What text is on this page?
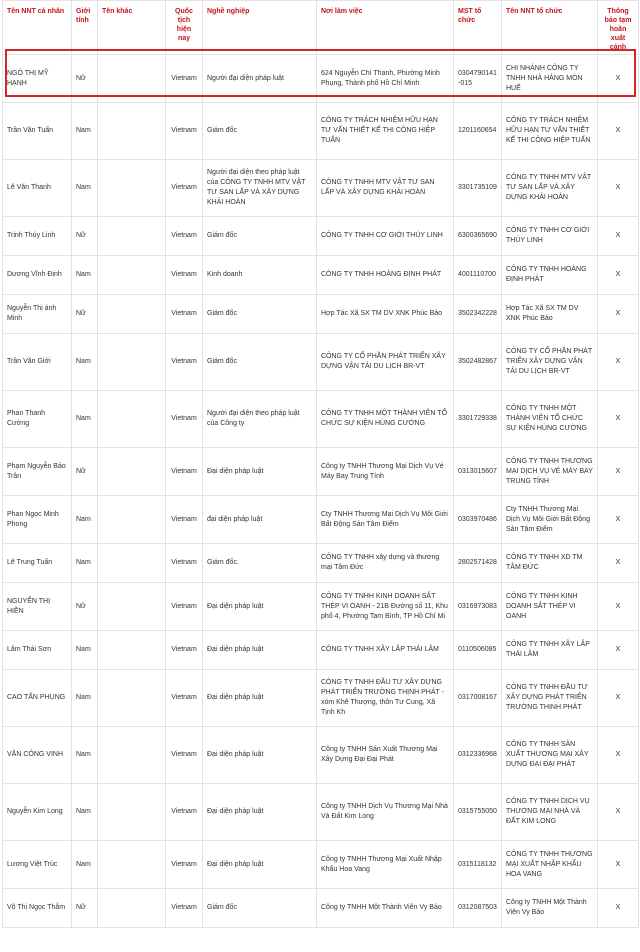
Tên NNT cá nhân	Giới tính	Tên khác	Quốc tịch hiện nay	Nghề nghiệp	Nơi làm việc	MST tổ chức	Tên NNT tổ chức	Thông báo tạm hoãn xuất cảnh
NGÔ THỊ MỸ HẠNH	Nữ		Vietnam	Người đại diện pháp luật	624 Nguyễn Chí Thanh, Phường Minh Phụng, Thành phố Hồ Chí Minh	0304790141-015	CHI NHÁNH CÔNG TY TNHH NHÀ HÀNG MÓN HUẾ	X
Trần Văn Tuấn	Nam		Vietnam	Giám đốc	CÔNG TY TRÁCH NHIỆM HỮU HẠN TƯ VẤN THIẾT KẾ THI CÔNG HIỆP TUẤN	1201160654	CÔNG TY TRÁCH NHIỆM HỮU HẠN TƯ VẤN THIẾT KẾ THI CÔNG HIỆP TUẤN	X
Lê Văn Thanh	Nam		Vietnam	Người đại diện theo pháp luật của CÔNG TY TNHH MTV VẬT TƯ SAN LẤP VÀ XÂY DỰNG KHẢI HOÀN	CÔNG TY TNHH MTV VẬT TƯ SAN LẤP VÀ XÂY DỰNG KHẢI HOÀN	3301735109	CÔNG TY TNHH MTV VẬT TƯ SAN LẤP VÀ XÂY DỰNG KHẢI HOÀN	X
Trịnh Thúy Linh	Nữ		Vietnam	Giám đốc	CÔNG TY TNHH CƠ GIỚI THÚY LINH	6300365690	CÔNG TY TNHH CƠ GIỚI THÚY LINH	X
Dương Vĩnh Định	Nam		Vietnam	Kinh doanh	CÔNG TY TNHH HOÀNG ĐỊNH PHÁT	4001110700	CÔNG TY TNHH HOÀNG ĐỊNH PHÁT	X
Nguyễn Thị ánh Minh	Nữ		Vietnam	Giám đốc	Hợp Tác Xã SX TM DV XNK Phúc Bảo	3502342228	Hợp Tác Xã SX TM DV XNK Phúc Bảo	X
Trần Văn Giới	Nam		Vietnam	Giám đốc	CÔNG TY CỔ PHẦN PHÁT TRIỂN XÂY DỰNG VẬN TẢI DU LỊCH BR-VT	3502482867	CÔNG TY CỔ PHẦN PHÁT TRIỂN XÂY DỰNG VẬN TẢI DU LỊCH BR-VT	X
Phan Thanh Cường	Nam		Vietnam	Người đại diện theo pháp luật của Công ty	CÔNG TY TNHH MỘT THÀNH VIÊN TỔ CHỨC SỰ KIỆN HÙNG CƯỜNG	3301729338	CÔNG TY TNHH MỘT THÀNH VIÊN TỔ CHỨC SỰ KIỆN HÙNG CƯỜNG	X
Phạm Nguyễn Bảo Trân	Nữ		Vietnam	Đại diện pháp luật	Công ty TNHH Thương Mại Dịch Vụ Vé Máy Bay Trung Tính	0313015607	CÔNG TY TNHH THƯƠNG MẠI DỊCH VỤ VÉ MÁY BAY TRUNG TÍNH	X
Phan Ngọc Minh Phong	Nam		Vietnam	đại diện pháp luật	Cty TNHH Thương Mại Dịch Vụ Môi Giới Bất Động Sản Tâm Điểm	0303970486	Cty TNHH Thương Mại Dịch Vụ Môi Giới Bất Động Sản Tâm Điểm	X
Lê Trung Tuấn	Nam		Vietnam	Giám đốc.	CÔNG TY TNHH xây dựng và thương mại Tâm Đức	2802571428	CÔNG TY TNHH XD TM TÂM ĐỨC	X
NGUYỄN THỊ HIỀN	Nữ		Vietnam	Đại diện pháp luật	CÔNG TY TNHH KINH DOANH SẮT THÉP VI OANH - 21B Đường số 11, Khu phố 4, Phường Tam Bình, TP Hồ Chí Mi	0316973083	CÔNG TY TNHH KINH DOANH SẮT THÉP VI OANH	X
Lâm Thái Sơn	Nam		Vietnam	Đại diện pháp luật	CÔNG TY TNHH XÂY LẮP THÁI LÂM	0110506085	CÔNG TY TNHH XÂY LẮP THÁI LÂM	X
CAO TẤN PHỤNG	Nam		Vietnam	Đại diện pháp luật	CÔNG TY TNHH ĐẦU TƯ XÂY DỰNG PHÁT TRIỂN TRƯỜNG THỊNH PHÁT - xóm Khê Thượng, thôn Tư Cung, Xã Tịnh Kh	0317008167	CÔNG TY TNHH ĐẦU TƯ XÂY DỰNG PHÁT TRIỂN TRƯỜNG THỊNH PHÁT	X
VĂN CÔNG VINH	Nam		Vietnam	Đại diện pháp luật	Công ty TNHH Sản Xuất Thương Mại Xây Dựng Đại Đại Phát	0312336968	CÔNG TY TNHH SẢN XUẤT THƯƠNG MẠI XÂY DỰNG ĐẠI ĐẠI PHÁT	X
Nguyễn Kim Long	Nam		Vietnam	Đại diện pháp luật	Công ty TNHH Dịch Vụ Thương Mại Nhà Và Đất Kim Long	0315755050	CÔNG TY TNHH DỊCH VỤ THƯƠNG MẠI NHÀ VÀ ĐẤT KIM LONG	X
Lương Việt Trúc	Nam		Vietnam	Đại diện pháp luật	Công ty TNHH Thương Mại Xuất Nhập Khẩu Hoa Vang	0315118132	CÔNG TY TNHH THƯƠNG MẠI XUẤT NHẬP KHẨU HOA VANG	X
Võ Thị Ngọc Thắm	Nữ		Vietnam	Giám đốc	Công ty TNHH Một Thành Viên Vy Bảo	0312087503	Công ty TNHH Một Thành Viên Vy Bảo	X
